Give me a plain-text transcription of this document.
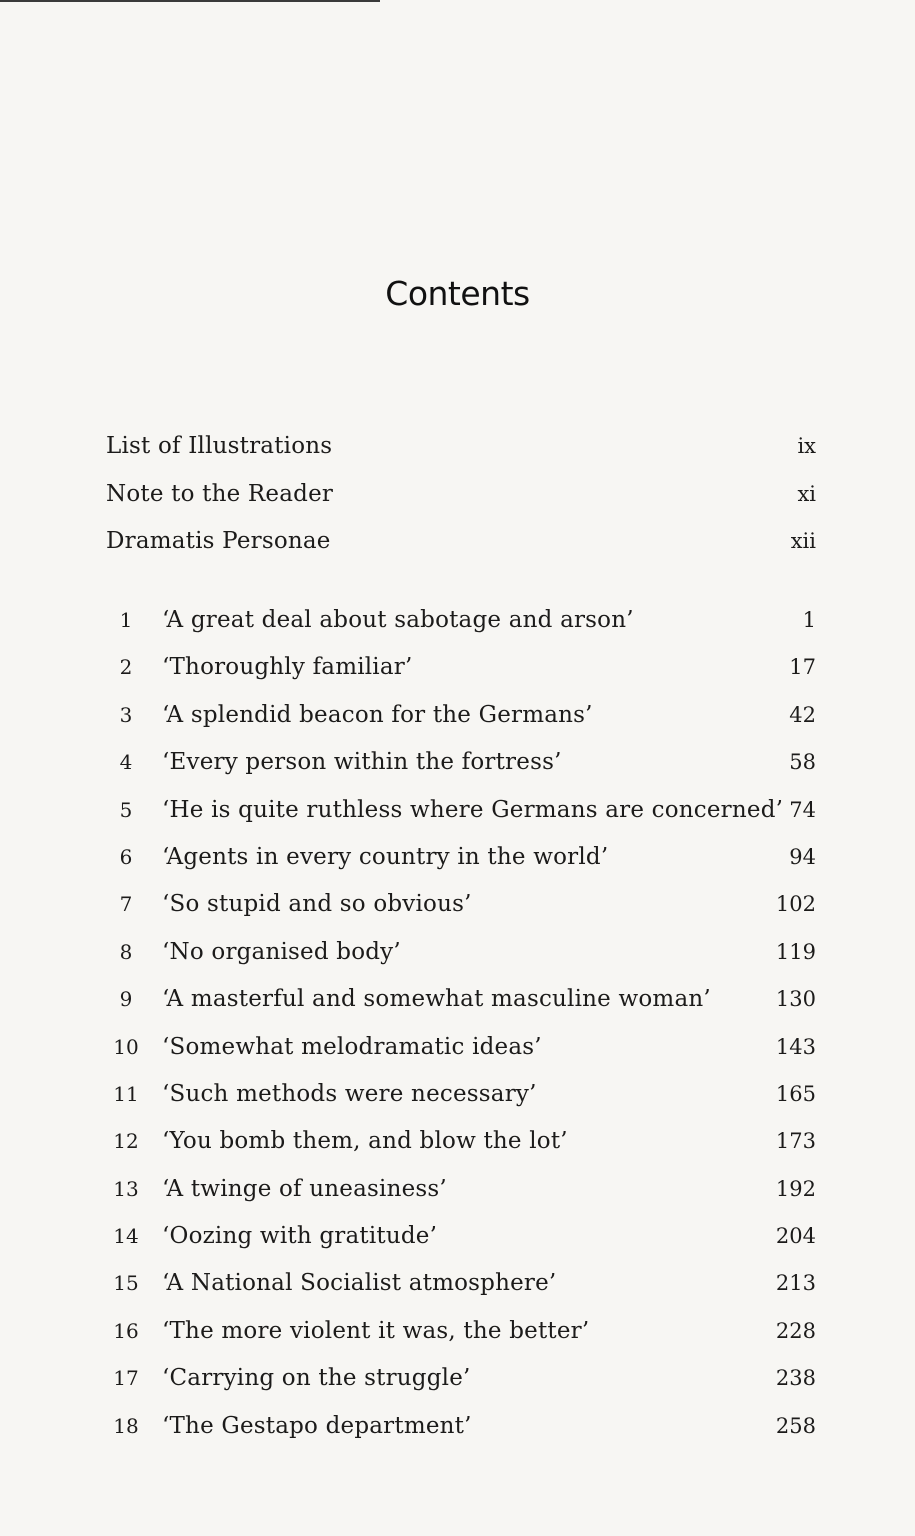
Contents
List of Illustrations	ix
Note to the Reader	xi
Dramatis Personae	xii
1	‘A great deal about sabotage and arson’	1
2	‘Thoroughly familiar’	17
3	‘A splendid beacon for the Germans’	42
4	‘Every person within the fortress’	58
5	‘He is quite ruthless where Germans are concerned’ 74
6	‘Agents in every country in the world’	94
7	‘So stupid and so obvious’	102
8	‘No organised body’	119
9	‘A masterful and somewhat masculine woman’	130
10	‘Somewhat melodramatic ideas’	143
11	‘Such methods were necessary’	165
12	‘You bomb them, and blow the lot’	173
13	‘A twinge of uneasiness’	192
14	‘Oozing with gratitude’	204
15	‘A National Socialist atmosphere’	213
16	‘The more violent it was, the better’	228
17	‘Carrying on the struggle’	238
18	‘The Gestapo department’	258
